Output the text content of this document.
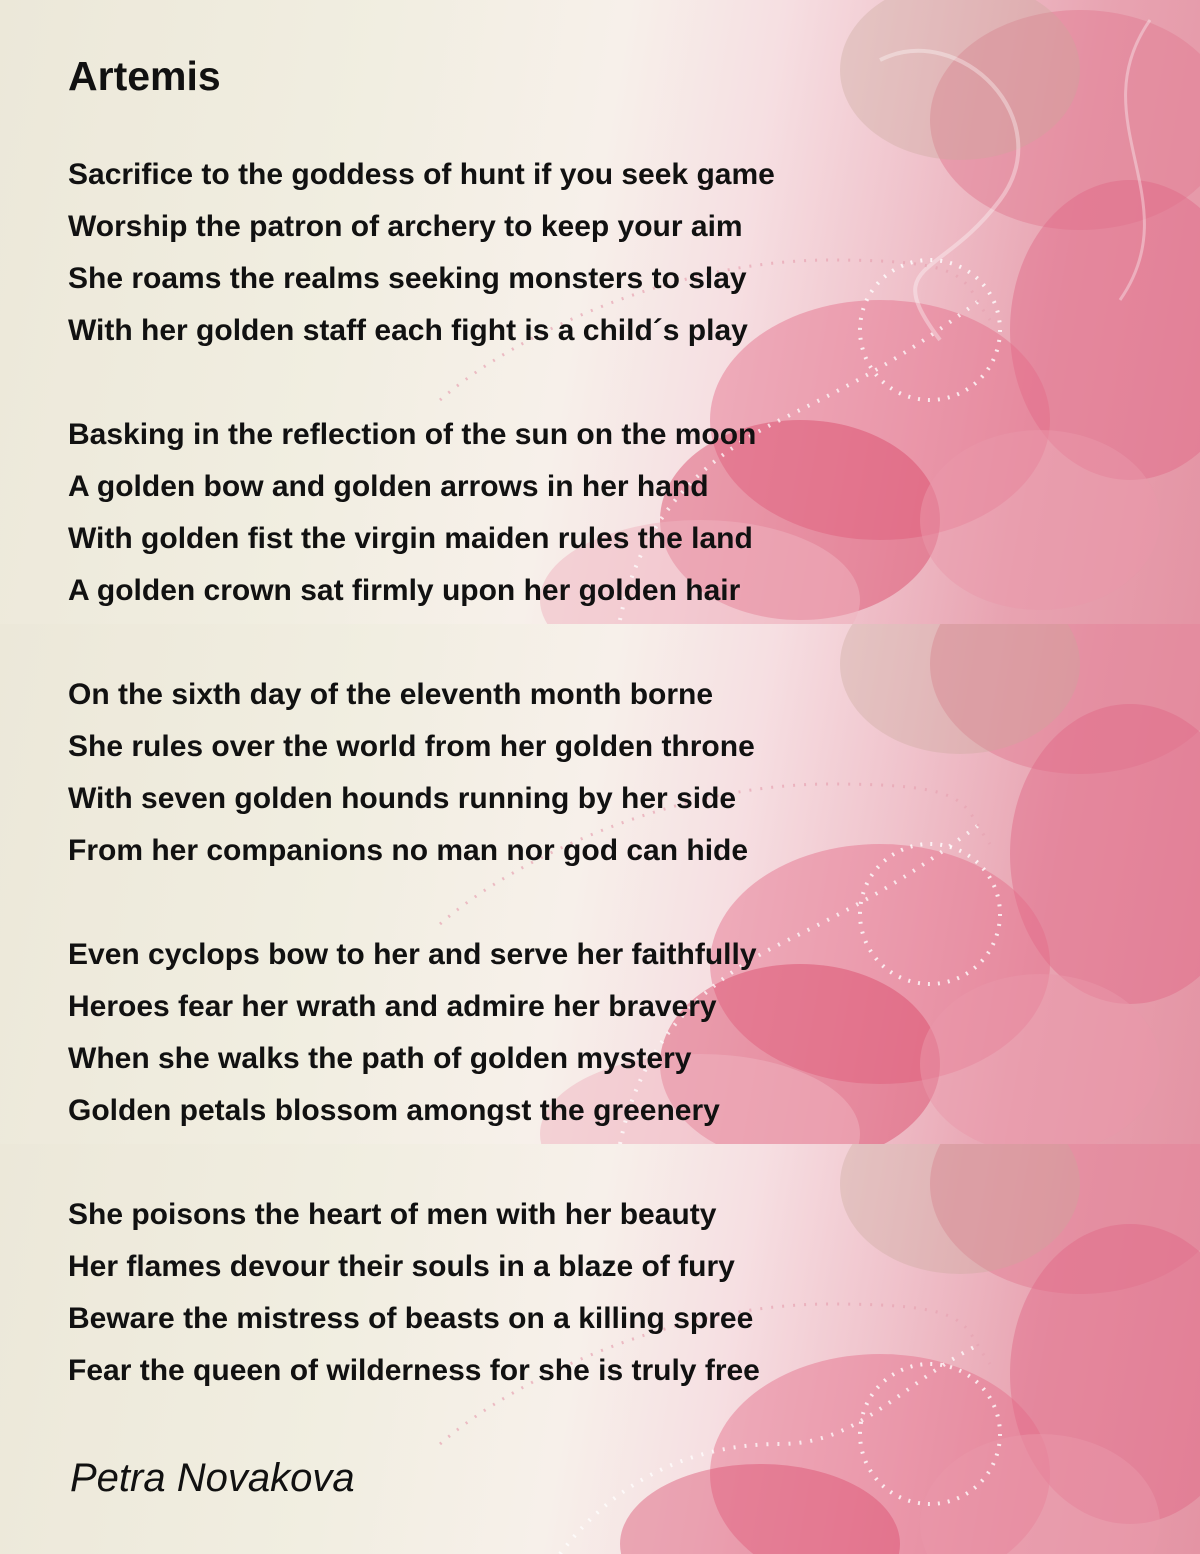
Artemis
Sacrifice to the goddess of hunt if you seek game
Worship the patron of archery to keep your aim
She roams the realms seeking monsters to slay
With her golden staff each fight is a child´s play
Basking in the reflection of the sun on the moon
A golden bow and golden arrows in her hand
With golden fist the virgin maiden rules the land
A golden crown sat firmly upon her golden hair
On the sixth day of the eleventh month borne
She rules over the world from her golden throne
With seven golden hounds running by her side
From her companions no man nor god can hide
Even cyclops bow to her and serve her faithfully
Heroes fear her wrath and admire her bravery
When she walks the path of golden mystery
Golden petals blossom amongst the greenery
She poisons the heart of men with her beauty
Her flames devour their souls in a blaze of fury
Beware the mistress of beasts on a killing spree
Fear the queen of wilderness for she is truly free
Petra Novakova
